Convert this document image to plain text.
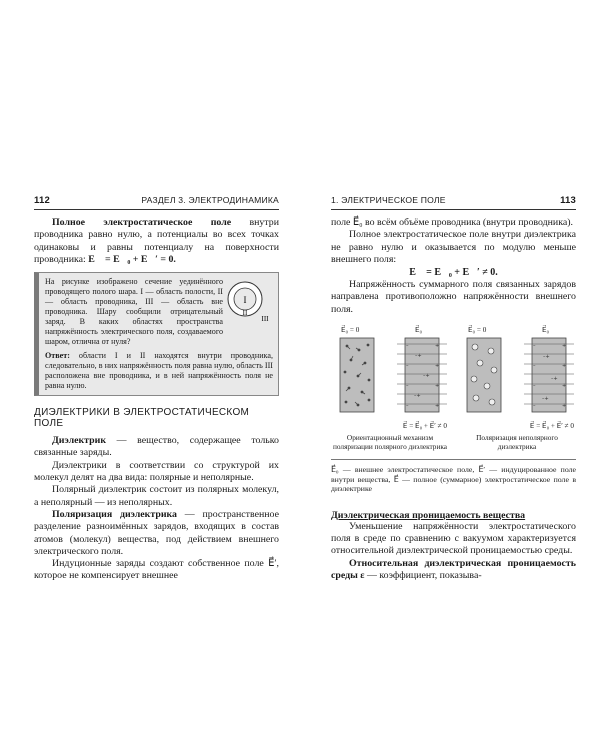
112	РАЗДЕЛ 3. ЭЛЕКТРОДИНАМИКА

Полное электростатическое поле внутри проводника равно нулю, а потенциалы во всех точках одинаковы и равны потенциалу на поверхности проводника: E⃗ = E⃗₀ + E⃗′ = 0.

На рисунке изображено сечение уединённого проводящего полого шара. I — область полости, II — область проводника, III — область вне проводника. Шару сообщили отрицательный заряд. В каких областях пространства напряжённость электрического поля, создаваемого шаром, отлична от нуля?
I
II
III
Ответ: области I и II находятся внутри проводника, следовательно, в них напряжённость поля равна нулю, область III расположена вне проводника, и в ней напряжённость поля не равна нулю.
ДИЭЛЕКТРИКИ В ЭЛЕКТРОСТАТИЧЕСКОМ ПОЛЕ

Диэлектрик — вещество, содержащее только связанные заряды.

Диэлектрики в соответствии со структурой их молекул делят на два вида: полярные и неполярные.

Полярный диэлектрик состоит из полярных молекул, а неполярный — из неполярных.

Поляризация диэлектрика — пространственное разделение разноимённых зарядов, входящих в состав атомов (молекул) вещества, под действием внешнего электрического поля.

Индуционные заряды создают собственное поле E⃗′, которое не компенсирует внешнее

1. ЭЛЕКТРИЧЕСКОЕ ПОЛЕ	113

поле E⃗₀ во всём объёме проводника (внутри проводника).

Полное электростатическое поле внутри диэлектрика не равно нулю и оказывается по модулю меньше внешнего поля:

E⃗ = E⃗₀ + E⃗′ ≠ 0.

Напряжённость суммарного поля связанных зарядов направлена противоположно напряжённости внешнего поля.

E⃗₀ = 0	E⃗₀
–	+
–	+
–	+
–	+
–+
–+
–+
E⃗ = E⃗₀ + E⃗′ ≠ 0
Ориентационный механизм поляризации полярного диэлектрика
E⃗₀ = 0	E⃗₀
–	+
–	+
–	+
–	+
–+
–+
–+
E⃗ = E⃗₀ + E⃗′ ≠ 0
Поляризация неполярного диэлектрика

E⃗₀ — внешнее электростатическое поле, E⃗′ — индуцированное поле внутри вещества, E⃗ — полное (суммарное) электростатическое поле в диэлектрике

Диэлектрическая проницаемость вещества

Уменьшение напряжённости электростатического поля в среде по сравнению с вакуумом характеризуется относительной диэлектрической проницаемостью среды.

Относительная диэлектрическая проницаемость среды ε — коэффициент, показыва-
